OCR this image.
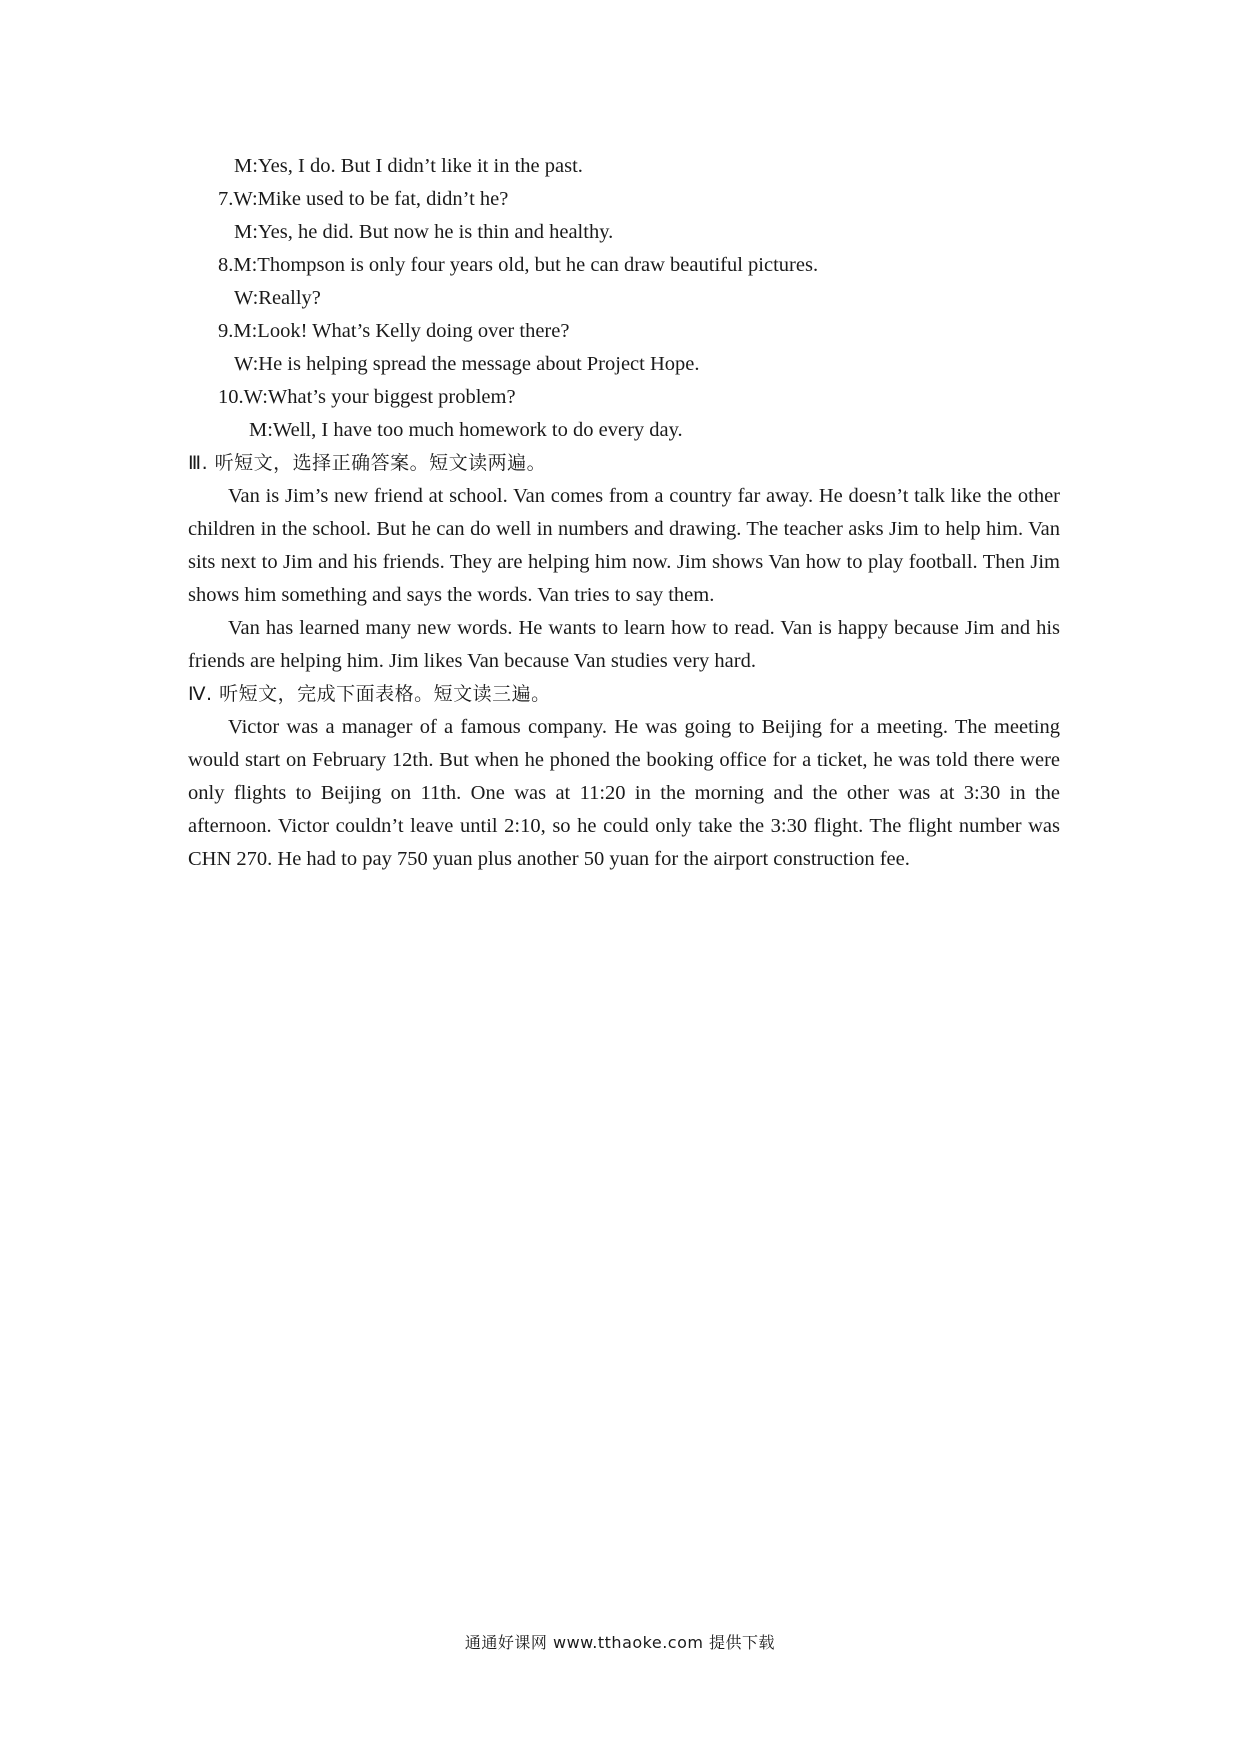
M:Yes, I do. But I didn’t like it in the past.
7.W:Mike used to be fat, didn’t he?
M:Yes, he did. But now he is thin and healthy.
8.M:Thompson is only four years old, but he can draw beautiful pictures.
W:Really?
9.M:Look! What’s Kelly doing over there?
W:He is helping spread the message about Project Hope.
10.W:What’s your biggest problem?
M:Well, I have too much homework to do every day.
Ⅲ. 听短文，选择正确答案。短文读两遍。

Van is Jim’s new friend at school. Van comes from a country far away. He doesn’t talk like the other children in the school. But he can do well in numbers and drawing. The teacher asks Jim to help him. Van sits next to Jim and his friends. They are helping him now. Jim shows Van how to play football. Then Jim shows him something and says the words. Van tries to say them.

Van has learned many new words. He wants to learn how to read. Van is happy because Jim and his friends are helping him. Jim likes Van because Van studies very hard.

Ⅳ. 听短文，完成下面表格。短文读三遍。

Victor was a manager of a famous company. He was going to Beijing for a meeting. The meeting would start on February 12th. But when he phoned the booking office for a ticket, he was told there were only flights to Beijing on 11th. One was at 11:20 in the morning and the other was at 3:30 in the afternoon. Victor couldn’t leave until 2:10, so he could only take the 3:30 flight. The flight number was CHN 270. He had to pay 750 yuan plus another 50 yuan for the airport construction fee.

通通好课网 www.tthaoke.com 提供下载
